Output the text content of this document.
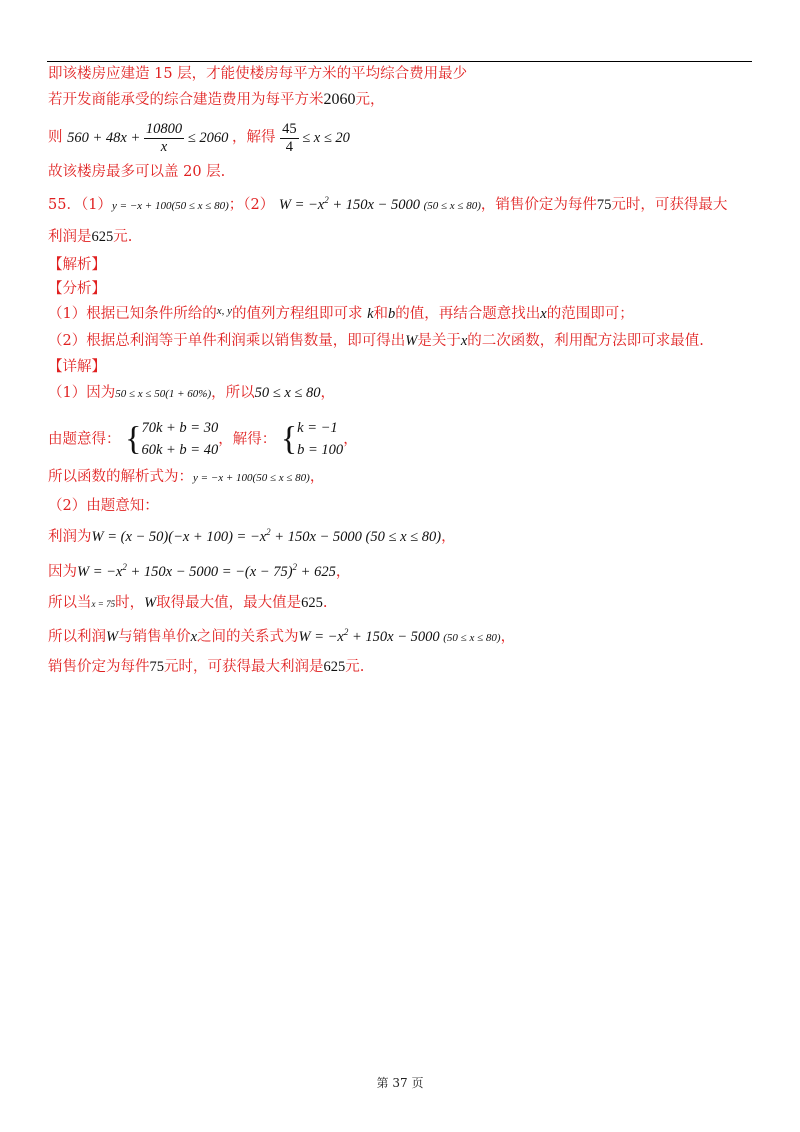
即该楼房应建造 15 层，才能使楼房每平方米的平均综合费用最少
若开发商能承受的综合建造费用为每平方米2060元，
则 $560 + 48x + \frac{10800}{x} \le 2060$ ，解得 $\frac{45}{4} \le x \le 20$
故该楼房最多可以盖 20 层.
55．（1）y = −x + 100(50 ≤ x ≤ 80)；（2） $W = -x^2 + 150x - 5000$ (50 ≤ x ≤ 80)，销售价定为每件75元时，可获得最大
利润是625元.
【解析】
【分析】
（1）根据已知条件所给的$^{x, y}$的值列方程组即可求 k和b的值，再结合题意找出x的范围即可；
（2）根据总利润等于单件利润乘以销售数量，即可得出W是关于x的二次函数，利用配方法即可求最值.
【详解】
（1）因为50 ≤ x ≤ 50(1 + 60%)，所以50 ≤ x ≤ 80，
由题意得： { 70k + b = 30
60k + b = 40
，解得： { k = −1
b = 100
，
所以函数的解析式为：y = −x + 100(50 ≤ x ≤ 80)，
（2）由题意知：
利润为$W = (x - 50)(-x + 100) = -x^2 + 150x - 5000$ (50 ≤ x ≤ 80)，
因为$W = -x^2 + 150x - 5000 = -(x - 75)^2 + 625$，
所以当x = 75时，W取得最大值，最大值是625.
所以利润W与销售单价x之间的关系式为$W = -x^2 + 150x - 5000$ (50 ≤ x ≤ 80)，
销售价定为每件75元时，可获得最大利润是625元.
第 37 页
